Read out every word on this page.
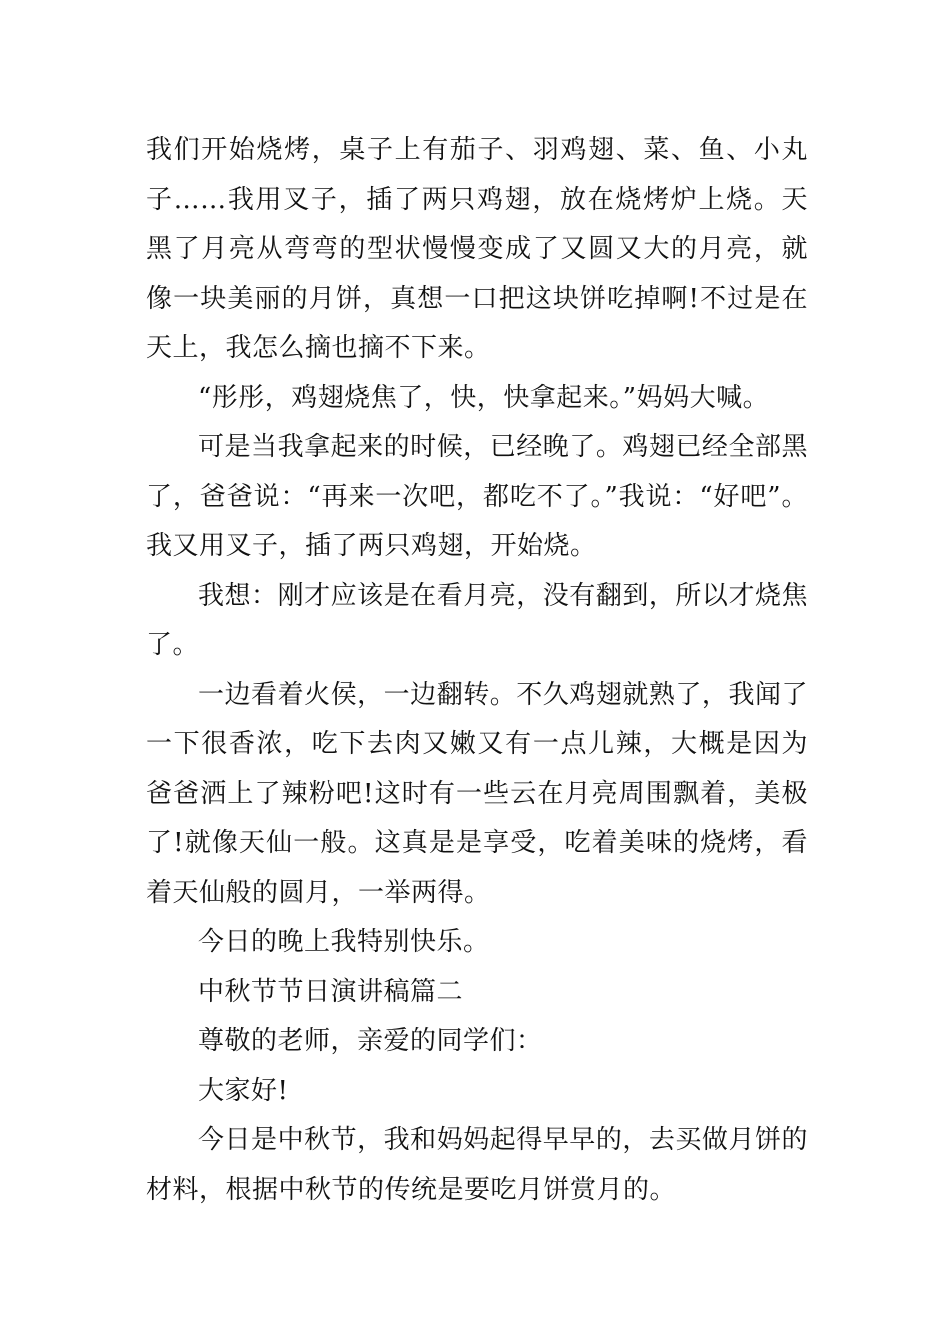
我们开始烧烤，桌子上有茄子、羽鸡翅、菜、鱼、小丸子……我用叉子，插了两只鸡翅，放在烧烤炉上烧。天黑了月亮从弯弯的型状慢慢变成了又圆又大的月亮，就像一块美丽的月饼，真想一口把这块饼吃掉啊!不过是在天上，我怎么摘也摘不下来。

“彤彤，鸡翅烧焦了，快，快拿起来。”妈妈大喊。

可是当我拿起来的时候，已经晚了。鸡翅已经全部黑了，爸爸说：“再来一次吧，都吃不了。”我说：“好吧”。我又用叉子，插了两只鸡翅，开始烧。

我想：刚才应该是在看月亮，没有翻到，所以才烧焦了。

一边看着火侯，一边翻转。不久鸡翅就熟了，我闻了一下很香浓，吃下去肉又嫩又有一点儿辣，大概是因为爸爸洒上了辣粉吧!这时有一些云在月亮周围飘着，美极了!就像天仙一般。这真是是享受，吃着美味的烧烤，看着天仙般的圆月，一举两得。

今日的晚上我特别快乐。

中秋节节日演讲稿篇二

尊敬的老师，亲爱的同学们：

大家好!

今日是中秋节，我和妈妈起得早早的，去买做月饼的材料，根据中秋节的传统是要吃月饼赏月的。
